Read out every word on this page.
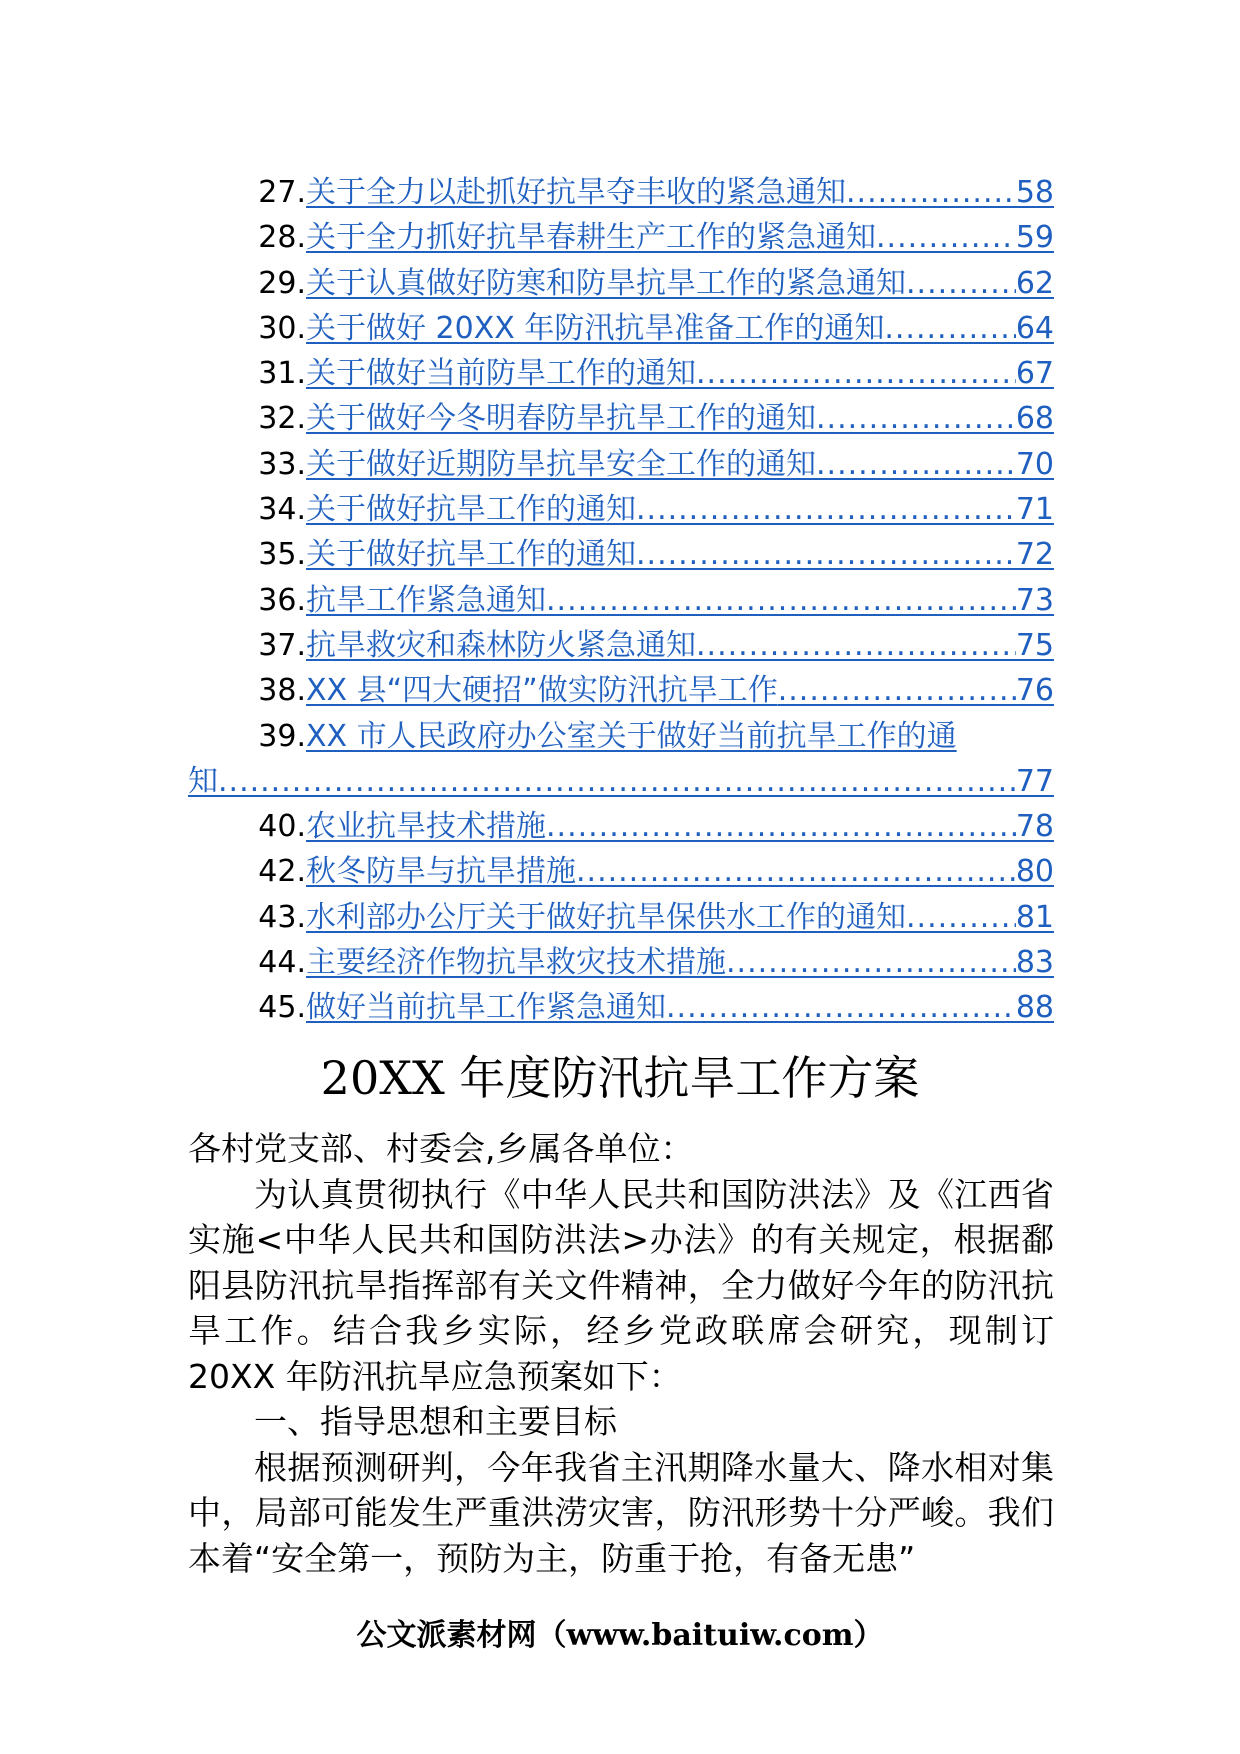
27. 关于全力以赴抓好抗旱夺丰收的紧急通知 .....	58
28. 关于全力抓好抗旱春耕生产工作的紧急通知 .....	59
29. 关于认真做好防寒和防旱抗旱工作的紧急通知 .....	62
30. 关于做好 20XX 年防汛抗旱准备工作的通知 .....	64
31. 关于做好当前防旱工作的通知 .....	67
32. 关于做好今冬明春防旱抗旱工作的通知 .....	68
33. 关于做好近期防旱抗旱安全工作的通知 .....	70
34. 关于做好抗旱工作的通知 .....	71
35. 关于做好抗旱工作的通知 .....	72
36. 抗旱工作紧急通知 .....	73
37. 抗旱救灾和森林防火紧急通知 .....	75
38. XX 县“四大硬招”做实防汛抗旱工作 .....	76
39. XX 市人民政府办公室关于做好当前抗旱工作的通
知 .....	77
40. 农业抗旱技术措施 .....	78
42. 秋冬防旱与抗旱措施 .....	80
43. 水利部办公厅关于做好抗旱保供水工作的通知 .....	81
44. 主要经济作物抗旱救灾技术措施 .....	83
45. 做好当前抗旱工作紧急通知 .....	88
20XX 年度防汛抗旱工作方案

各村党支部、村委会,乡属各单位：

为认真贯彻执行《中华人民共和国防洪法》及《江西省实施<中华人民共和国防洪法>办法》的有关规定，根据鄱阳县防汛抗旱指挥部有关文件精神，全力做好今年的防汛抗旱工作。结合我乡实际，经乡党政联席会研究，现制订 20XX 年防汛抗旱应急预案如下：

一、指导思想和主要目标

根据预测研判，今年我省主汛期降水量大、降水相对集中，局部可能发生严重洪涝灾害，防汛形势十分严峻。我们本着“安全第一，预防为主，防重于抢，有备无患”

公文派素材网（www.baituiw.com）
